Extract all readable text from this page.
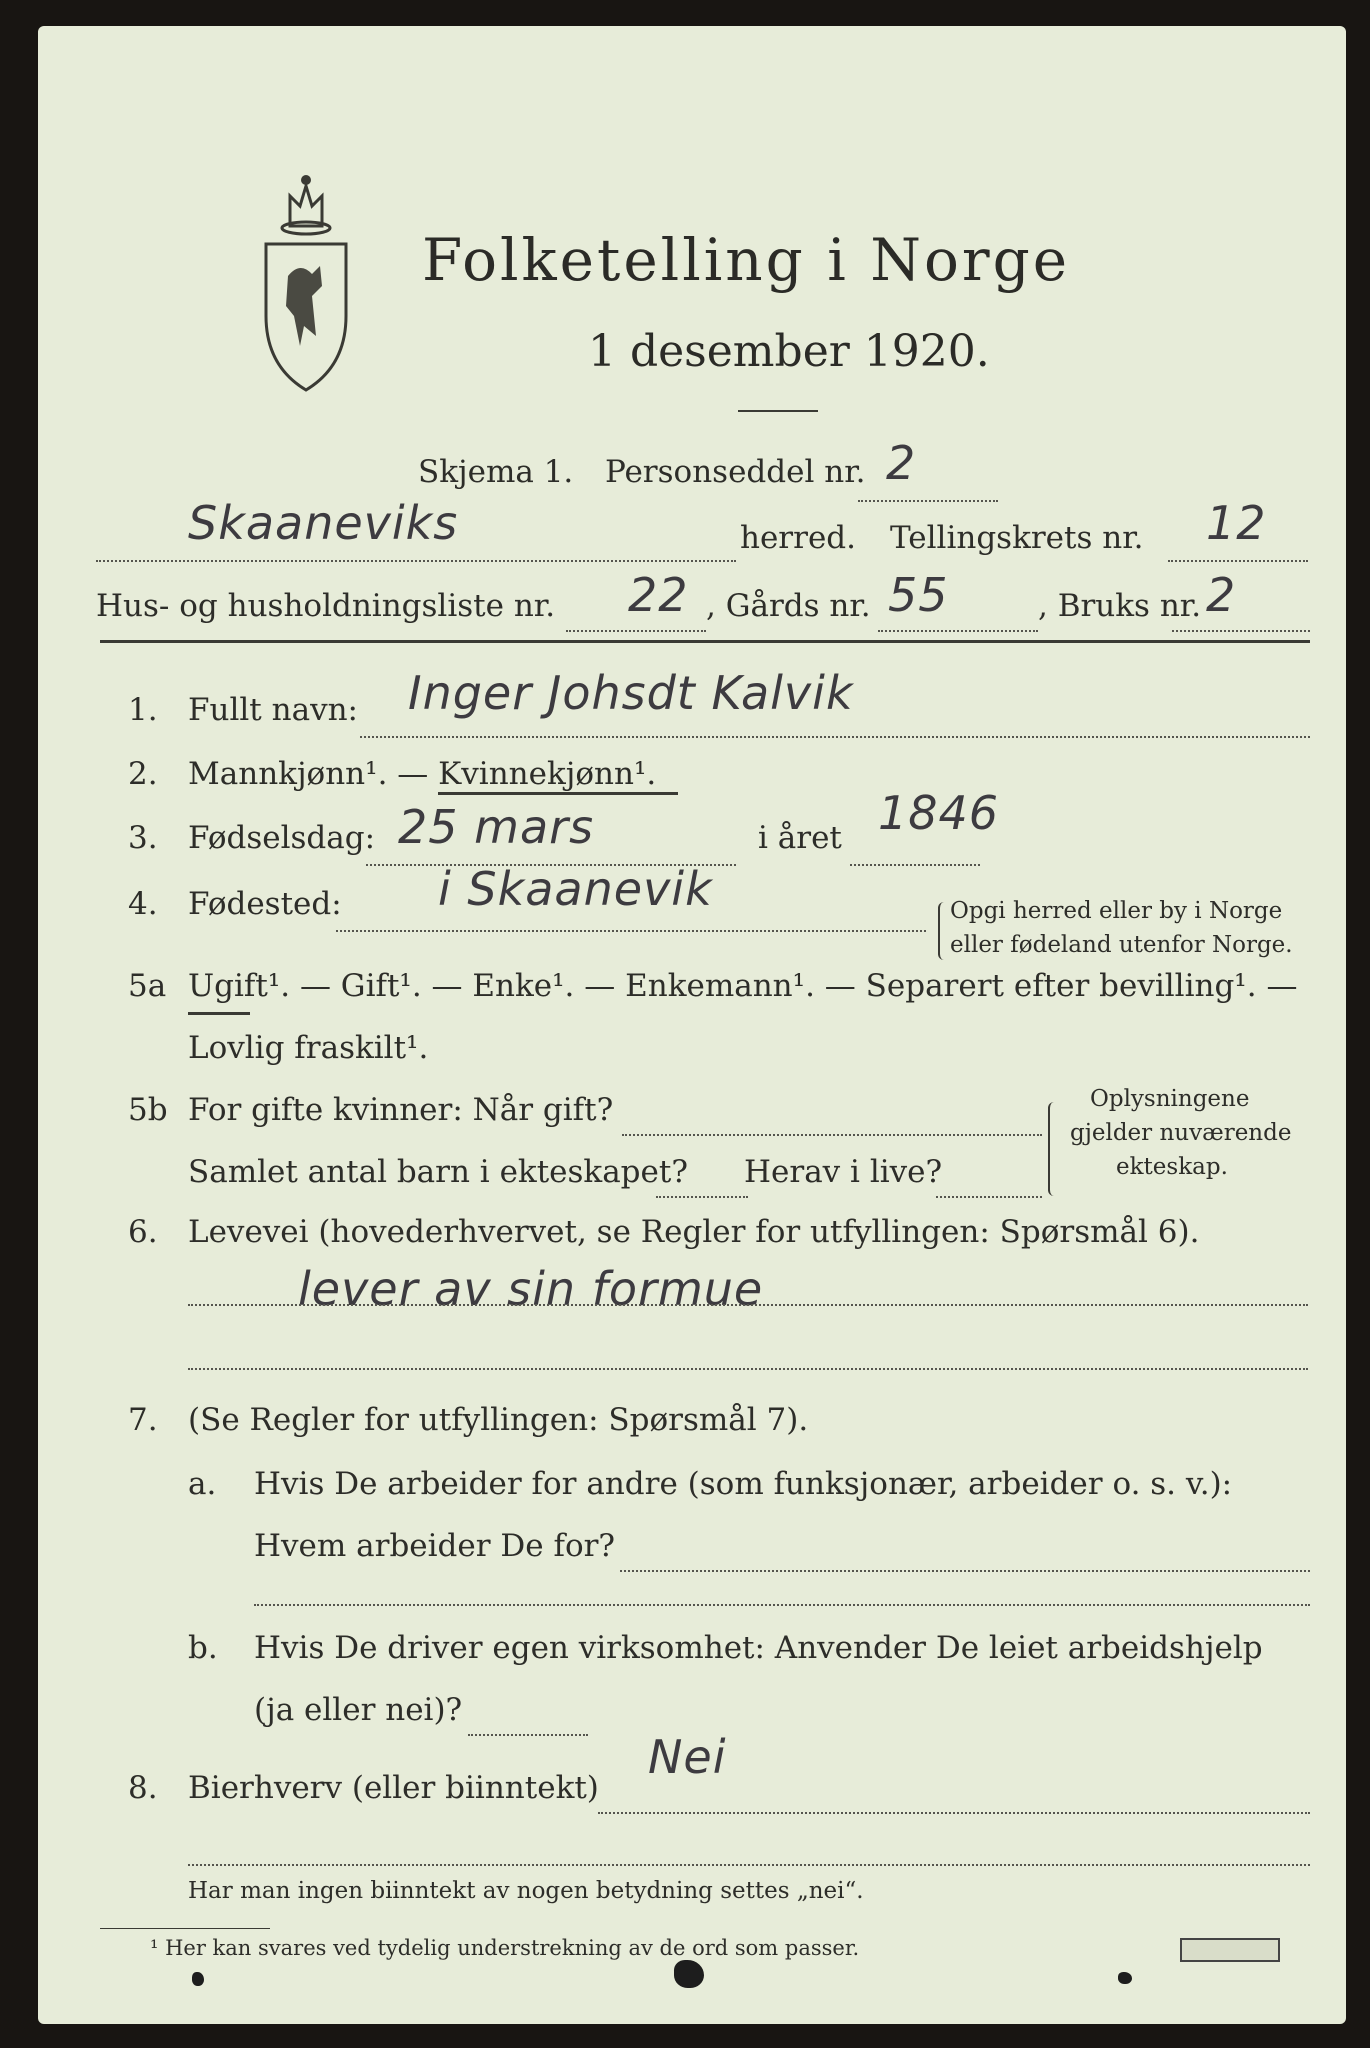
Folketelling i Norge
1 desember 1920.
Skjema 1. Personseddel nr. 2
Skaaneviks	herred. Tellingskrets nr. 12
Hus- og husholdningsliste nr. 22 , Gårds nr. 55	, Bruks nr. 2
1. Fullt navn: Inger Johsdt Kalvik
2. Mannkjønn¹. — Kvinnekjønn¹.
3. Fødselsdag: 25 mars	i året 1846
4. Fødested: i Skaanevik	Opgi herred eller by i Norge
eller fødeland utenfor Norge.
5a Ugift¹. — Gift¹. — Enke¹. — Enkemann¹. — Separert efter bevilling¹. —
Lovlig fraskilt¹.
5b For gifte kvinner: Når gift?
Samlet antal barn i ekteskapet? Herav i live?
Oplysningene
gjelder nuværende
ekteskap.
6. Levevei (hovederhvervet, se Regler for utfyllingen: Spørsmål 6).
lever av sin formue
7. (Se Regler for utfyllingen: Spørsmål 7).
a. Hvis De arbeider for andre (som funksjonær, arbeider o. s. v.):
Hvem arbeider De for?
b. Hvis De driver egen virksomhet: Anvender De leiet arbeidshjelp
(ja eller nei)?
8. Bierhverv (eller biinntekt)
Nei
Har man ingen biinntekt av nogen betydning settes „nei“.
¹ Her kan svares ved tydelig understrekning av de ord som passer.
